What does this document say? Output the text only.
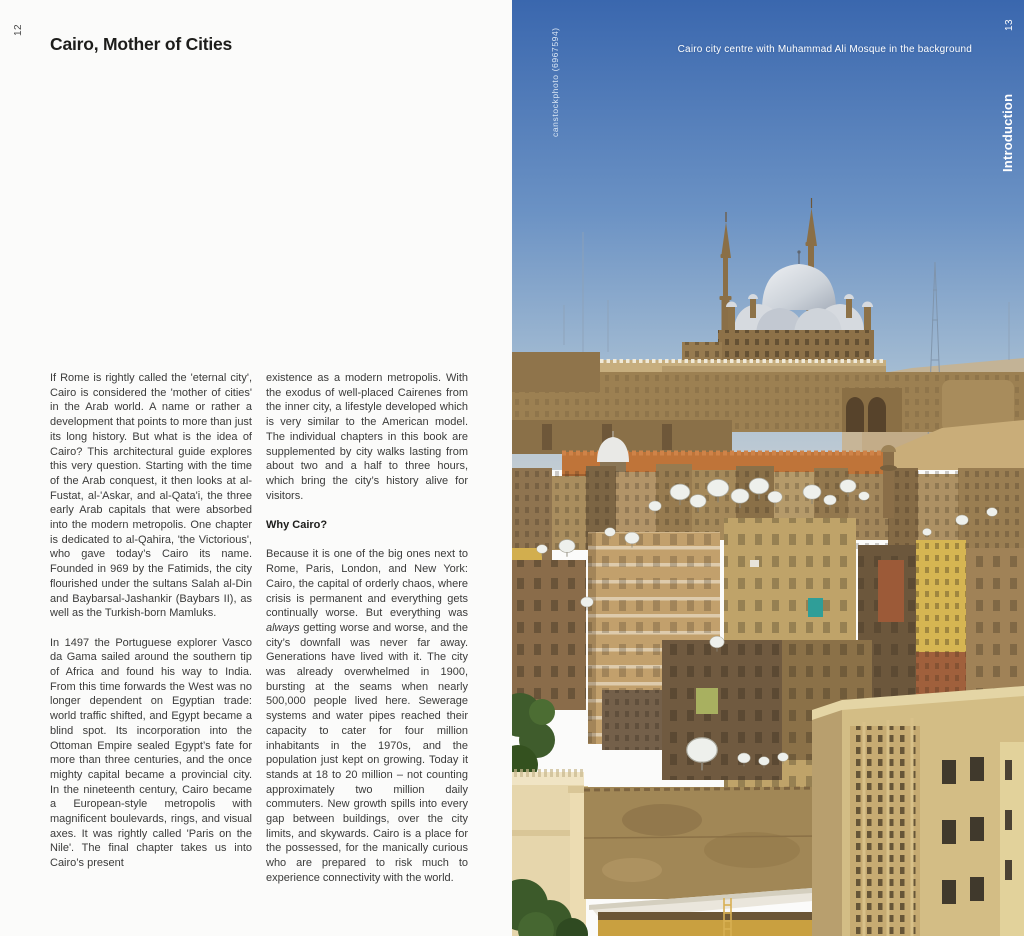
12
Cairo, Mother of Cities

If Rome is rightly called the 'eternal city', Cairo is considered the 'mother of cities' in the Arab world. A name or rather a development that points to more than just its long history. But what is the idea of Cairo? This architectural guide explores this very question. Starting with the time of the Arab conquest, it then looks at al-Fustat, al-'Askar, and al-Qata'i, the three early Arab capitals that were absorbed into the modern metropolis. One chapter is dedicated to al-Qahira, 'the Victorious', who gave today’s Cairo its name. Founded in 969 by the Fatimids, the city flourished under the sultans Salah al-Din and Baybarsal-Jashankir (Baybars II), as well as the Turkish-born Mamluks.

In 1497 the Portuguese explorer Vasco da Gama sailed around the southern tip of Africa and found his way to India. From this time forwards the West was no longer dependent on Egyptian trade: world traffic shifted, and Egypt became a blind spot. Its incorporation into the Ottoman Empire sealed Egypt’s fate for more than three centuries, and the once mighty capital became a provincial city. In the nineteenth century, Cairo became a European-style metropolis with magnificent boulevards, rings, and visual axes. It was rightly called 'Paris on the Nile'. The final chapter takes us into Cairo’s present

existence as a modern metropolis. With the exodus of well-placed Cairenes from the inner city, a lifestyle developed which is very similar to the American model. The individual chapters in this book are supplemented by city walks lasting from about two and a half to three hours, which bring the city’s history alive for visitors.

Why Cairo?

Because it is one of the big ones next to Rome, Paris, London, and New York: Cairo, the capital of orderly chaos, where crisis is permanent and everything gets continually worse. But everything was always getting worse and worse, and the city’s downfall was never far away. Generations have lived with it. The city was already overwhelmed in 1900, bursting at the seams when nearly 500,000 people lived here. Sewerage systems and water pipes reached their capacity to cater for four million inhabitants in the 1970s, and the population just kept on growing. Today it stands at 18 to 20 million – not counting approximately two million daily commuters. New growth spills into every gap between buildings, over the city limits, and skywards. Cairo is a place for the possessed, for the manically curious who are prepared to risk much to experience connectivity with the world.

Cairo city centre with Muhammad Ali Mosque in the background
canstockphoto (6967594)
13
Introduction
